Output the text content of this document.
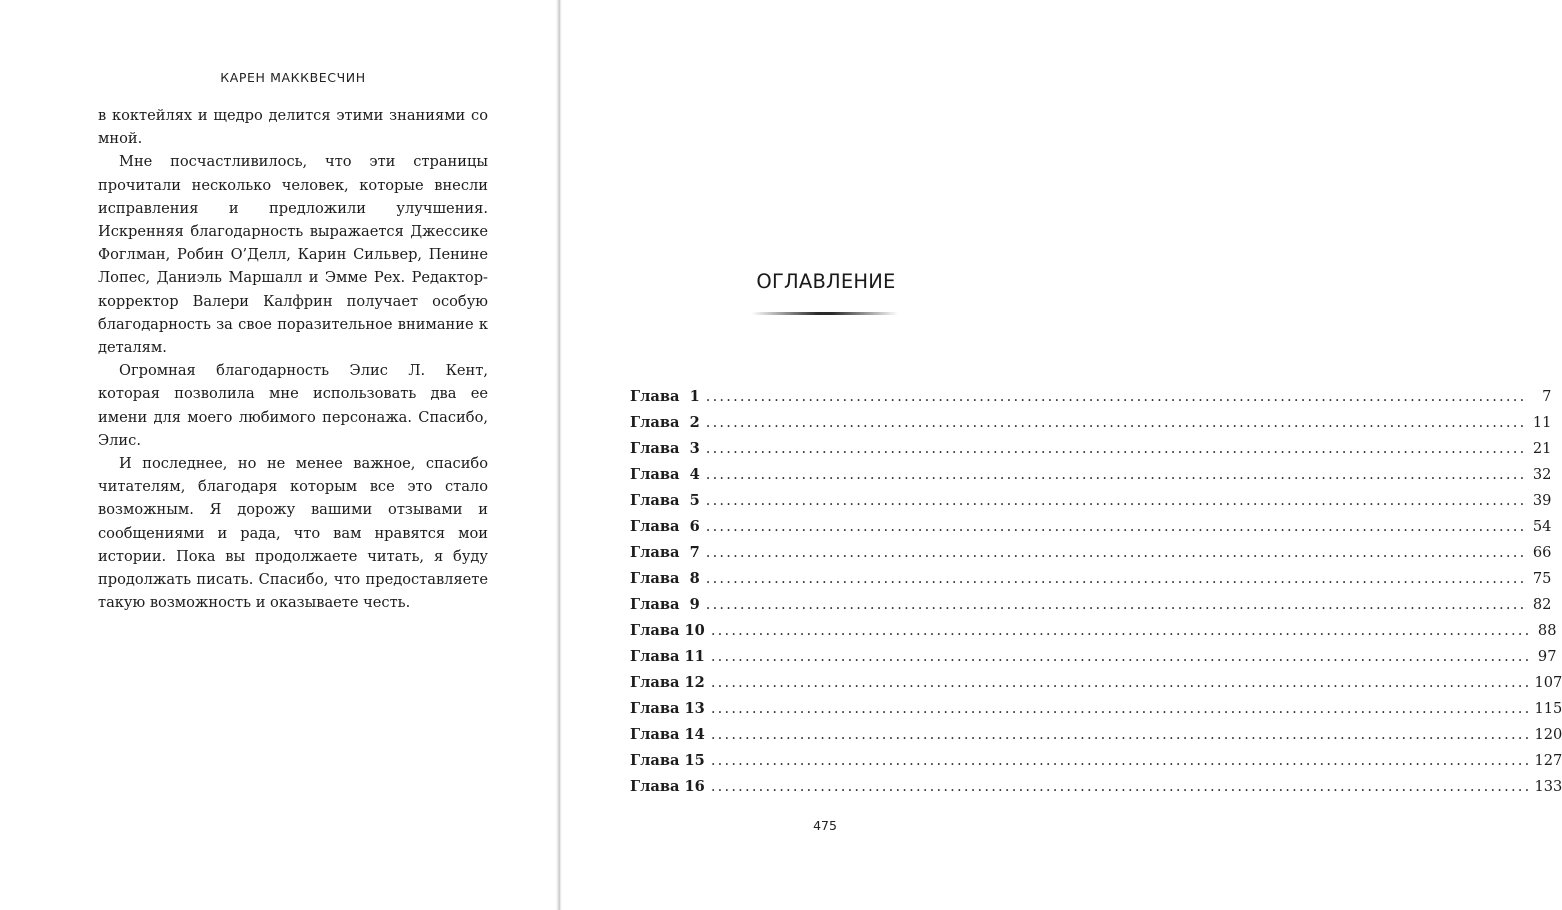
КАРЕН МАККВЕСЧИН

в коктейлях и щедро делится этими знаниями со мной.

Мне посчастливилось, что эти страницы прочитали несколько человек, которые внесли исправления и предложили улучшения. Искренняя благодарность выражается Джессике Фоглман, Робин О’Делл, Карин Сильвер, Пенине Лопес, Даниэль Маршалл и Эмме Рех. Редактор-корректор Валери Калфрин получает особую благодарность за свое поразительное внимание к деталям.

Огромная благодарность Элис Л. Кент, которая позволила мне использовать два ее имени для моего любимого персонажа. Спасибо, Элис.

И последнее, но не менее важное, спасибо читателям, благодаря которым все это стало возможным. Я дорожу вашими отзывами и сообщениями и рада, что вам нравятся мои истории. Пока вы продолжаете читать, я буду продолжать писать. Спасибо, что предоставляете такую возможность и оказываете честь.

ОГЛАВЛЕНИЕ
Глава  1 ........................................................................................................................	7
Глава  2 ........................................................................................................................ 11
Глава  3 ........................................................................................................................ 21
Глава  4 ........................................................................................................................ 32
Глава  5 ........................................................................................................................ 39
Глава  6 ........................................................................................................................ 54
Глава  7 ........................................................................................................................ 66
Глава  8 ........................................................................................................................ 75
Глава  9 ........................................................................................................................ 82
Глава 10 ........................................................................................................................ 88
Глава 11 ........................................................................................................................ 97
Глава 12 ........................................................................................................................ 107
Глава 13 ........................................................................................................................ 115
Глава 14 ........................................................................................................................ 120
Глава 15 ........................................................................................................................ 127
Глава 16 ........................................................................................................................ 133
475
